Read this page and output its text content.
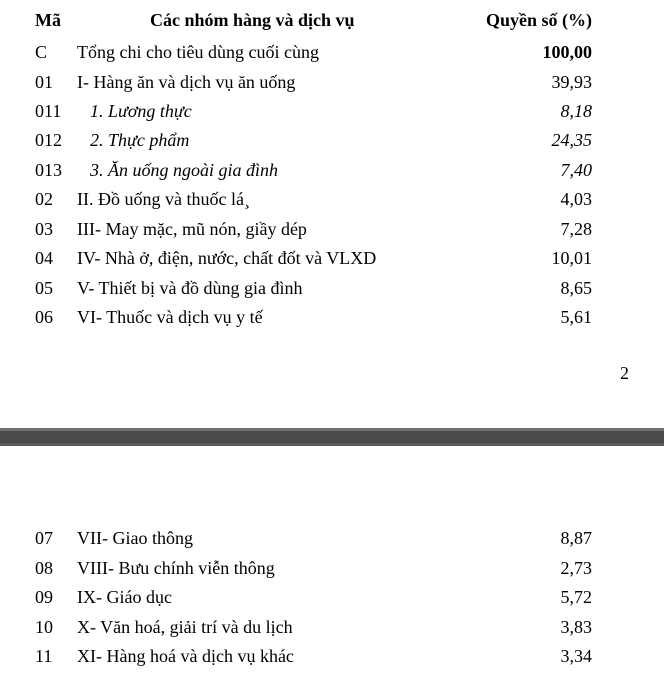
Mã	Các nhóm hàng và dịch vụ	Quyền số (%)
C Tổng chi cho tiêu dùng cuối cùng	100,00
01 I- Hàng ăn và dịch vụ ăn uống	39,93
011 1. Lương thực	8,18
012 2. Thực phẩm	24,35
013 3. Ăn uống ngoài gia đình	7,40
02 II. Đồ uống và thuốc lá¸	4,03
03 III- May mặc, mũ nón, giầy dép	7,28
04 IV- Nhà ở, điện, nước, chất đốt và VLXD	10,01
05 V- Thiết bị và đồ dùng gia đình	8,65
06 VI- Thuốc và dịch vụ y tế	5,61
2
07 VII- Giao thông	8,87
08 VIII- Bưu chính viễn thông	2,73
09 IX- Giáo dục	5,72
10 X- Văn hoá, giải trí và du lịch	3,83
11 XI- Hàng hoá và dịch vụ khác	3,34
